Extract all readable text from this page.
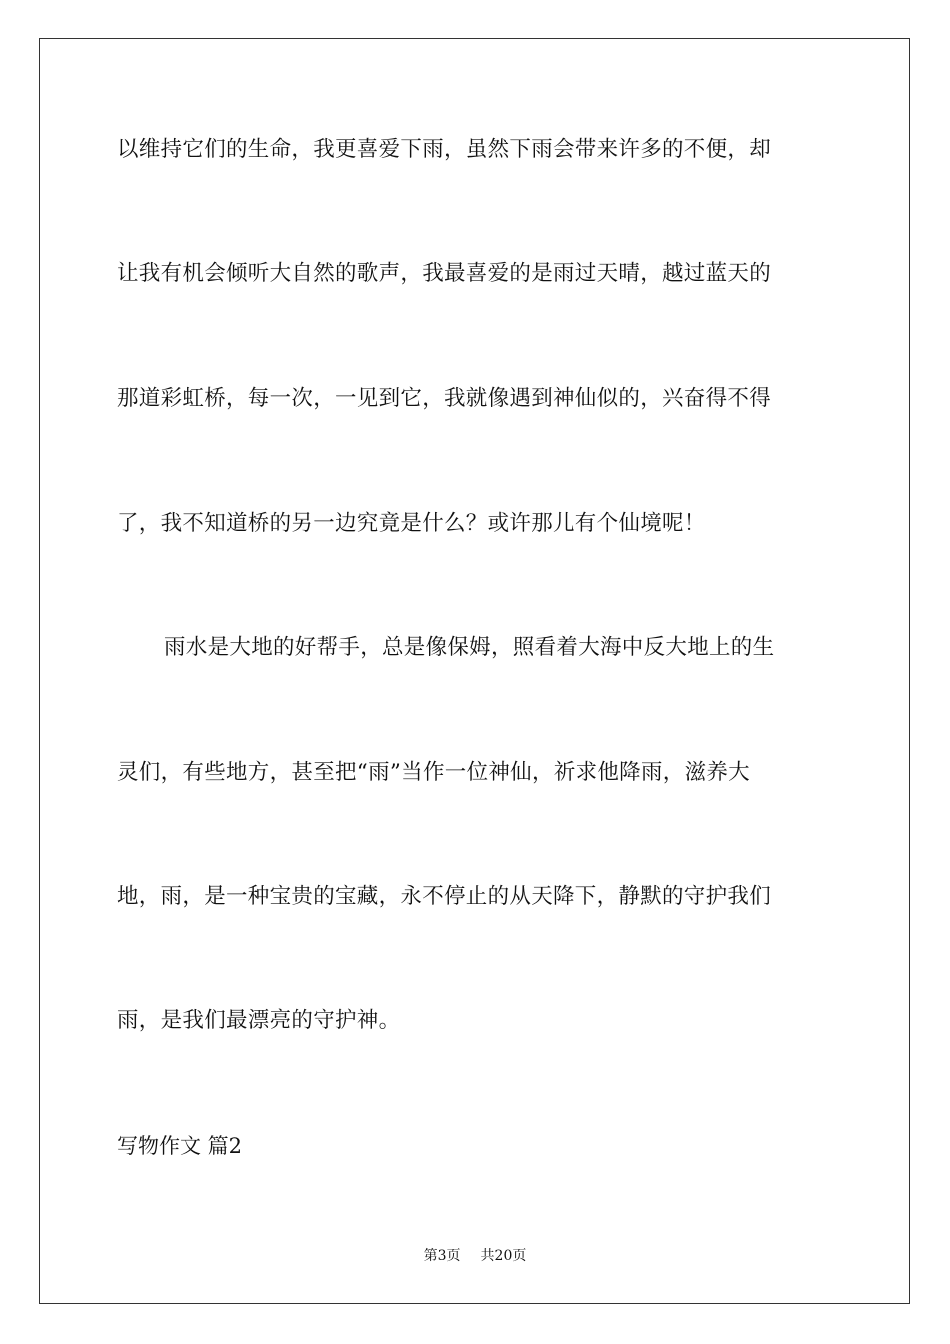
以维持它们的生命，我更喜爱下雨，虽然下雨会带来许多的不便，却
让我有机会倾听大自然的歌声，我最喜爱的是雨过天晴，越过蓝天的
那道彩虹桥，每一次，一见到它，我就像遇到神仙似的，兴奋得不得
了，我不知道桥的另一边究竟是什么？或许那儿有个仙境呢！
雨水是大地的好帮手，总是像保姆，照看着大海中反大地上的生
灵们，有些地方，甚至把“雨”当作一位神仙，祈求他降雨，滋养大
地，雨，是一种宝贵的宝藏，永不停止的从天降下，静默的守护我们
雨，是我们最漂亮的守护神。
写物作文 篇2
第3页 共20页
